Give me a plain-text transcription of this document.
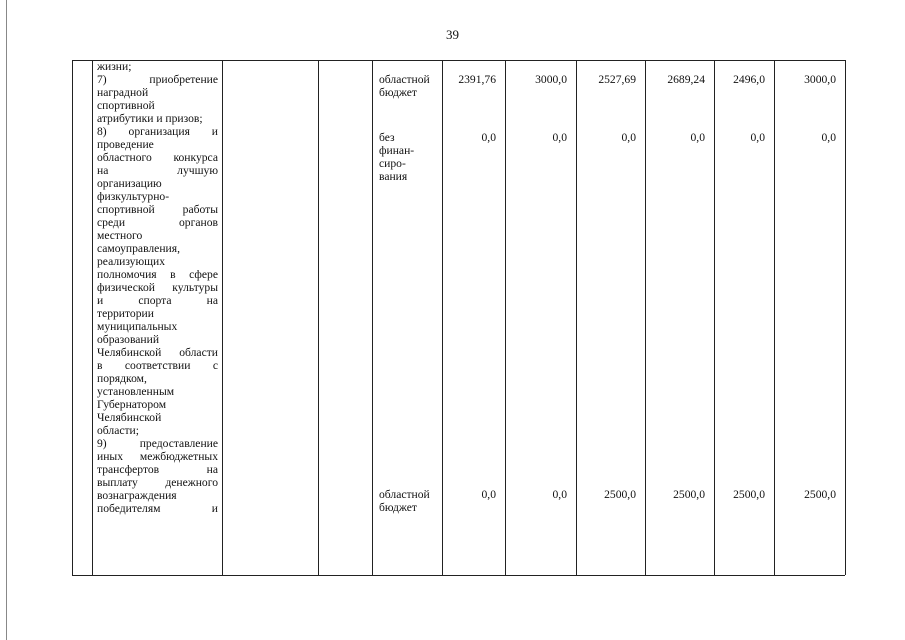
39
жизни;
7) приобретение
наградной
спортивной
атрибутики и призов;
8) организация и
проведение
областного конкурса
на лучшую
организацию
физкультурно-
спортивной работы
среди органов
местного
самоуправления,
реализующих
полномочия в сфере
физической культуры
и спорта на
территории
муниципальных
образований
Челябинской области
в соответствии с
порядком,
установленным
Губернатором
Челябинской
области;
9) предоставление
иных межбюджетных
трансфертов на
выплату денежного
вознаграждения
победителям и
областной
бюджет
2391,76	3000,0	2527,69	2689,24	2496,0	3000,0
без
финан-
сиро-
вания
0,0	0,0	0,0	0,0	0,0	0,0
областной
бюджет
0,0	0,0	2500,0	2500,0	2500,0	2500,0
